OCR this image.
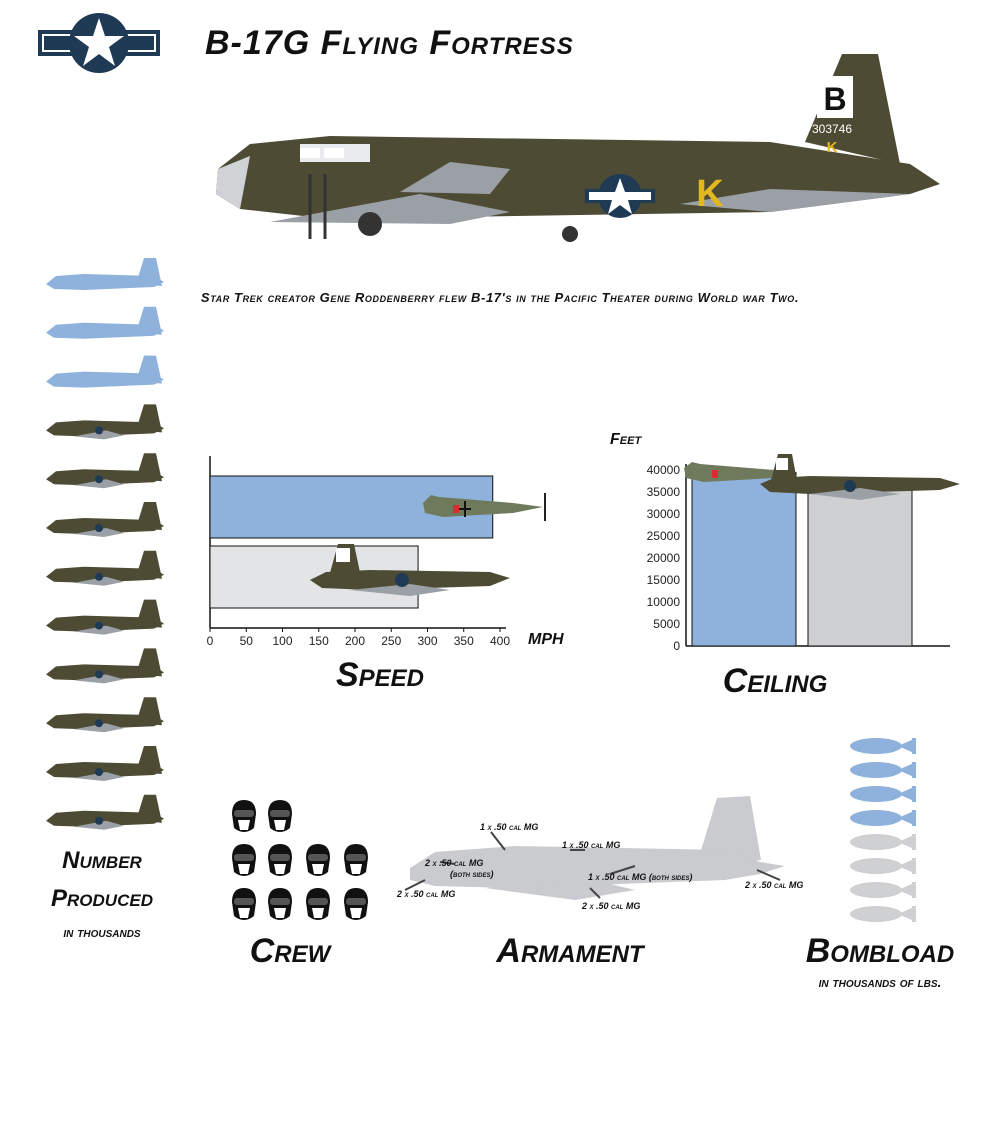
B-17G Flying Fortress
B
303746
K
K
Star Trek creator Gene Roddenberry flew B-17's in the Pacific Theater during World war Two.
Number
Produced
in thousands
0 50 100 150 200 250 300 350 400 MPH
Speed
Feet
0
5000
10000
15000
20000
25000
30000
35000
40000
Ceiling
Crew
2 x .50 cal MG
1 x .50 cal MG
1 x .50 cal MG
(both sides)	1 x .50 cal MG (both sides)
2 x .50 cal MG
2 x .50 cal MG
2 x .50 cal MG
Armament	Bombload
in thousands of lbs.
